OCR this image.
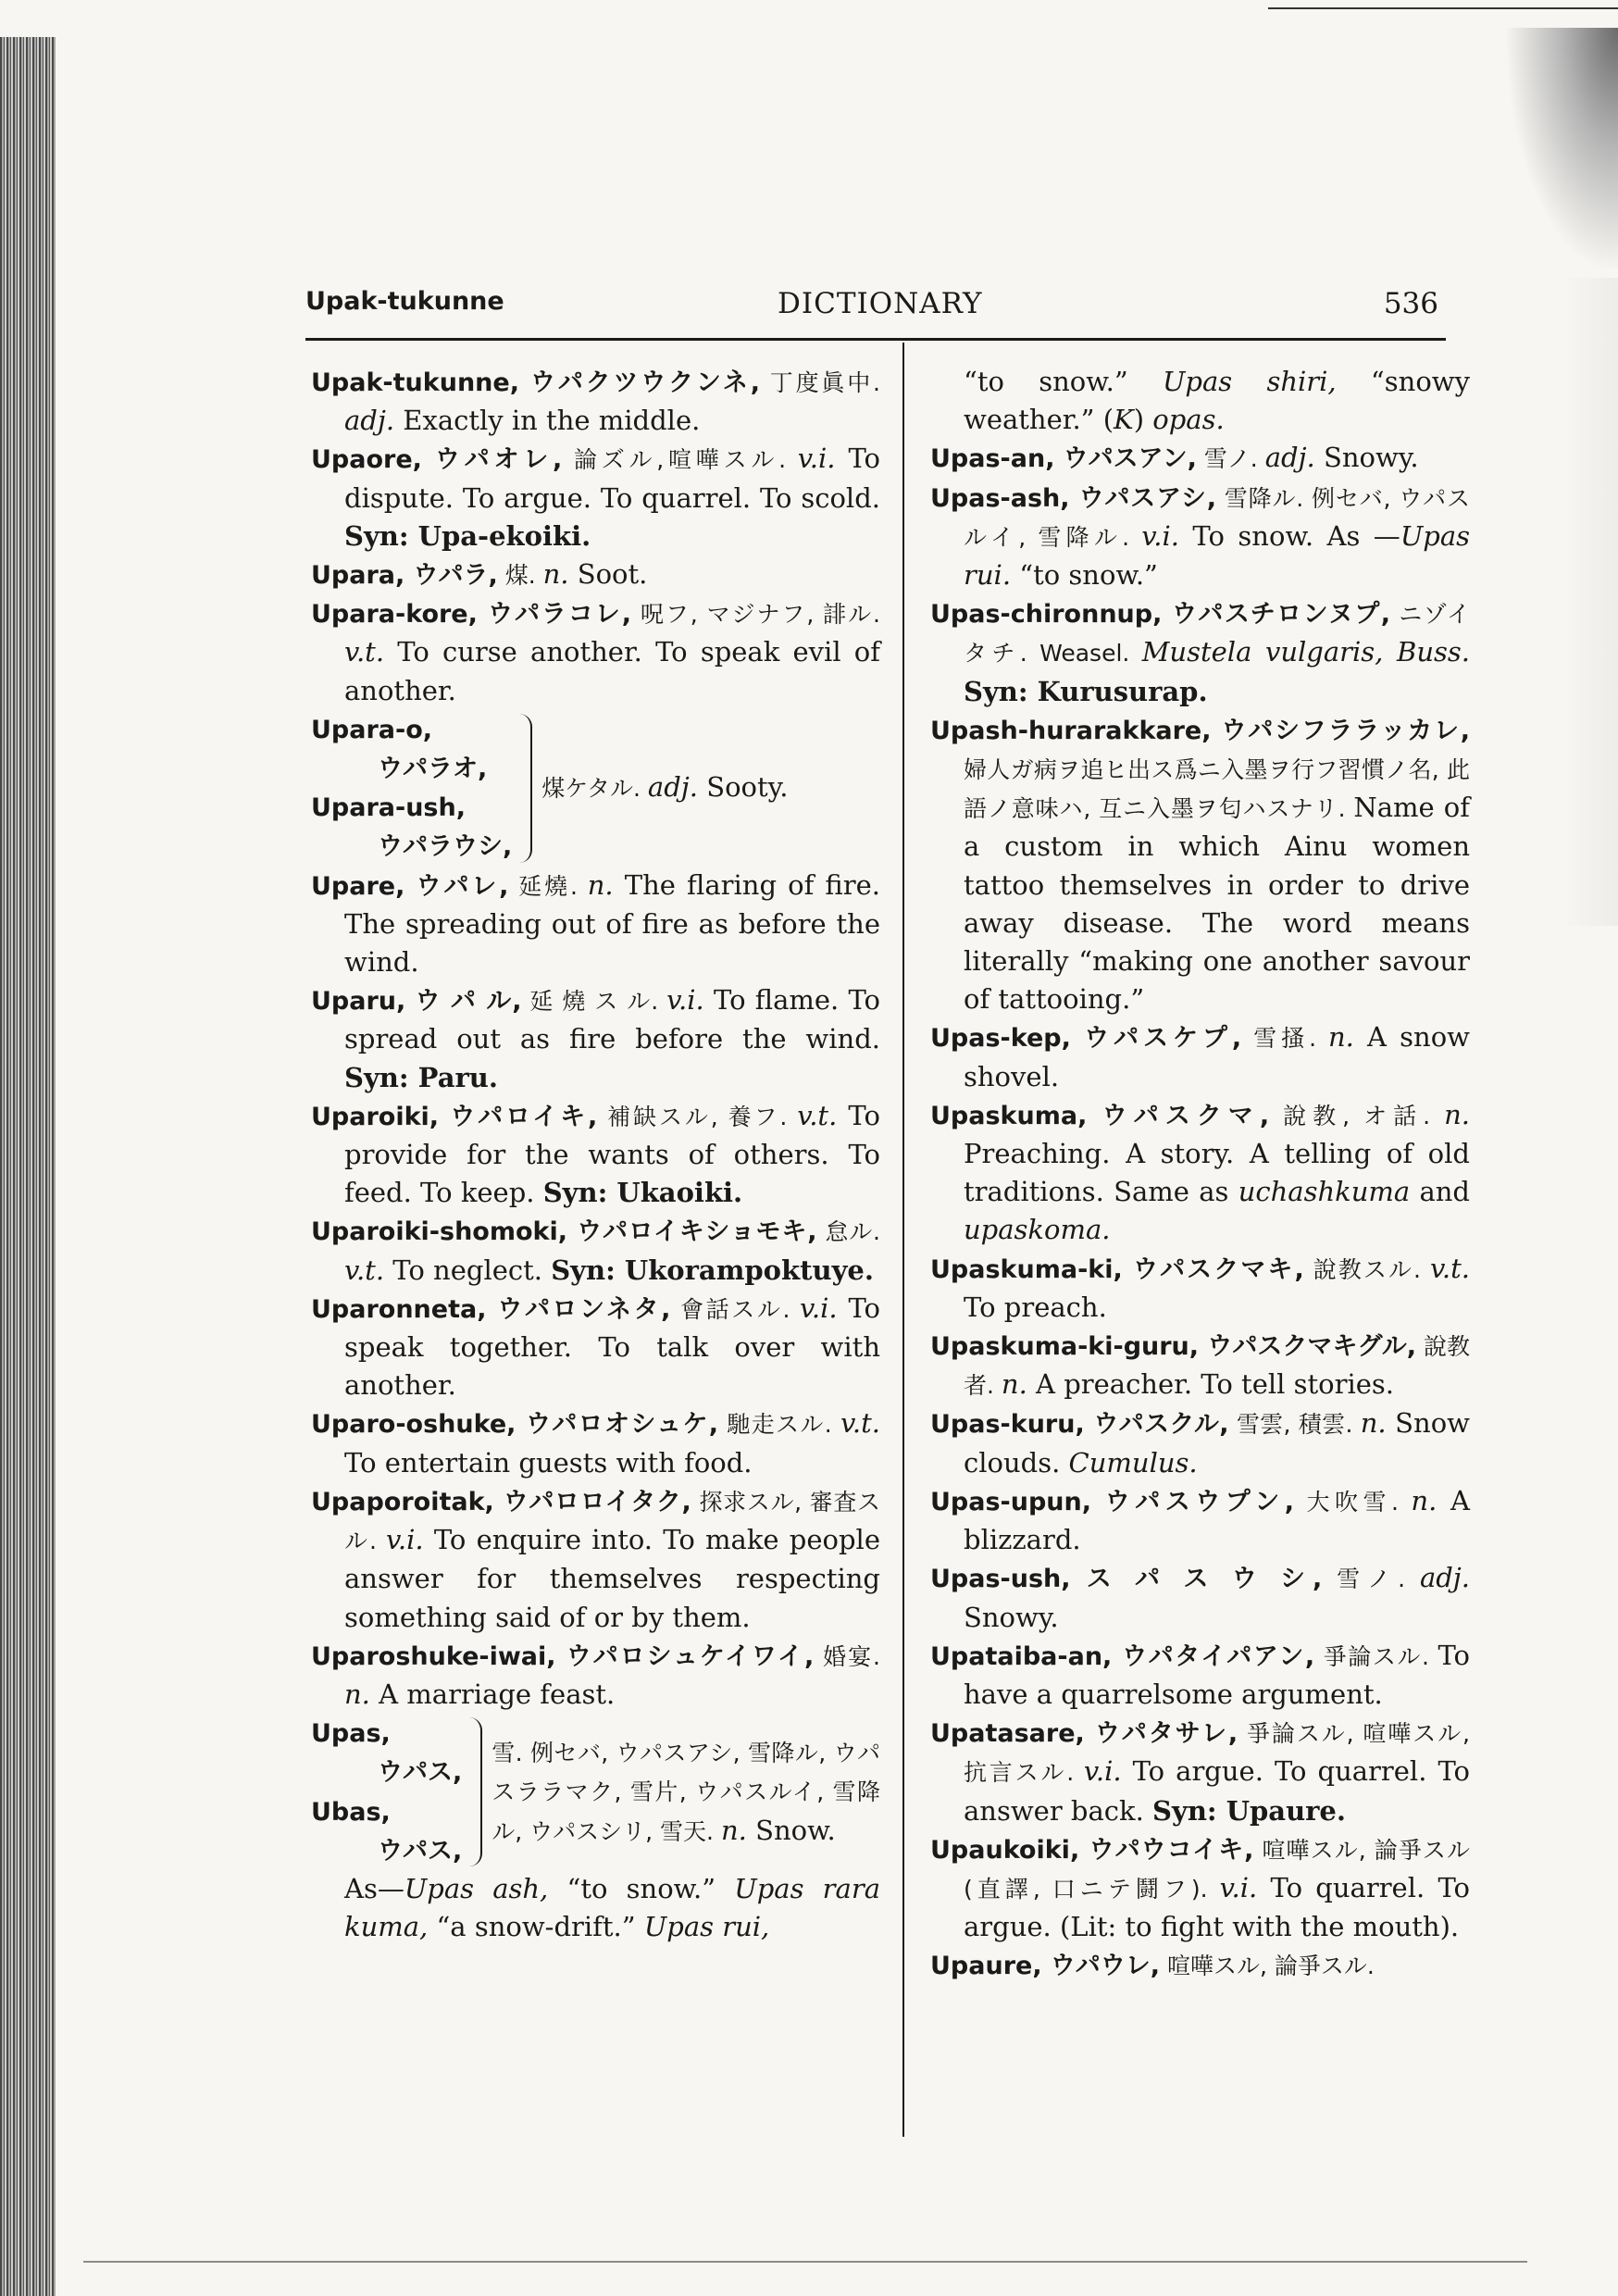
Upak-tukunne	DICTIONARY	536

Upak-tukunne, ウパクツウクンネ, 丁度眞中. adj. Exactly in the middle.

Upaore, ウパオレ, 論ズル,喧嘩スル. v.i. To dispute. To argue. To quarrel. To scold. Syn: Upa-ekoiki.

Upara, ウパラ, 煤. n. Soot.

Upara-kore, ウパラコレ, 呪フ, マジナフ, 誹ル. v.t. To curse another. To speak evil of another.

Upara-o,
ウパラオ,
Upara-ush,
ウパラウシ,
煤ケタル. adj. Sooty.

Upare, ウパレ, 延燒. n. The flaring of fire. The spreading out of fire as before the wind.

Uparu, ウ パ ル, 延 燒 ス ル. v.i. To flame. To spread out as fire before the wind. Syn: Paru.

Uparoiki, ウパロイキ, 補缺スル, 養フ. v.t. To provide for the wants of others. To feed. To keep. Syn: Ukaoiki.

Uparoiki-shomoki, ウパロイキショモキ, 怠ル. v.t. To neglect. Syn: Ukorampoktuye.

Uparonneta, ウパロンネタ, 會話スル. v.i. To speak together. To talk over with another.

Uparo-oshuke, ウパロオシュケ, 馳走スル. v.t. To entertain guests with food.

Upароroitak, ウパロロイタク, 探求スル, 審査スル. v.i. To enquire into. To make people answer for themselves respecting something said of or by them.

Uparoshuke-iwai, ウパロシュケイワイ, 婚宴. n. A marriage feast.

Upas,
ウパス,
Ubas,
ウパス,
雪. 例セバ, ウパスアシ, 雪降ル, ウパスララマク, 雪片, ウパスルイ, 雪降ル, ウパスシリ, 雪天. n. Snow.

As—Upas ash, “to snow.” Upas rara kuma, “a snow-drift.” Upas rui,

“to snow.” Upas shiri, “snowy weather.” (K) opas.

Upas-an, ウパスアン, 雪ノ. adj. Snowy.

Upas-ash, ウパスアシ, 雪降ル. 例セバ, ウパスルイ, 雪降ル. v.i. To snow. As —Upas rui. “to snow.”

Upas-chironnup, ウパスチロンヌプ, ニゾイタチ. Weasel. Mustela vulgaris, Buss. Syn: Kurusurap.

Upash-hurarakkare, ウパシフララッカレ, 婦人ガ病ヲ追ヒ出ス爲ニ入墨ヲ行フ習慣ノ名, 此語ノ意味ハ, 互ニ入墨ヲ匂ハスナリ. Name of a custom in which Ainu women tattoo themselves in order to drive away disease. The word means literally “making one another savour of tattooing.”

Upas-kep, ウパスケプ, 雪搔. n. A snow shovel.

Upaskuma, ウパスクマ, 說教, オ話. n. Preaching. A story. A telling of old traditions. Same as uchashkuma and upaskoma.

Upaskuma-ki, ウパスクマキ, 說教スル. v.t. To preach.

Upaskuma-ki-guru, ウパスクマキグル, 說教者. n. A preacher. To tell stories.

Upas-kuru, ウパスクル, 雪雲, 積雲. n. Snow clouds. Cumulus.

Upas-upun, ウパスウプン, 大吹雪. n. A blizzard.

Upas-ush, ス パ ス ウ シ, 雪ノ. adj. Snowy.

Upataiba-an, ウパタイパアン, 爭論スル. To have a quarrelsome argument.

Upatasare, ウパタサレ, 爭論スル, 喧嘩スル, 抗言スル. v.i. To argue. To quarrel. To answer back. Syn: Upaure.

Upaukoiki, ウパウコイキ, 喧嘩スル, 論爭スル(直譯, 口ニテ鬪フ). v.i. To quarrel. To argue. (Lit: to fight with the mouth).

Upaure, ウパウレ, 喧嘩スル, 論爭スル.
